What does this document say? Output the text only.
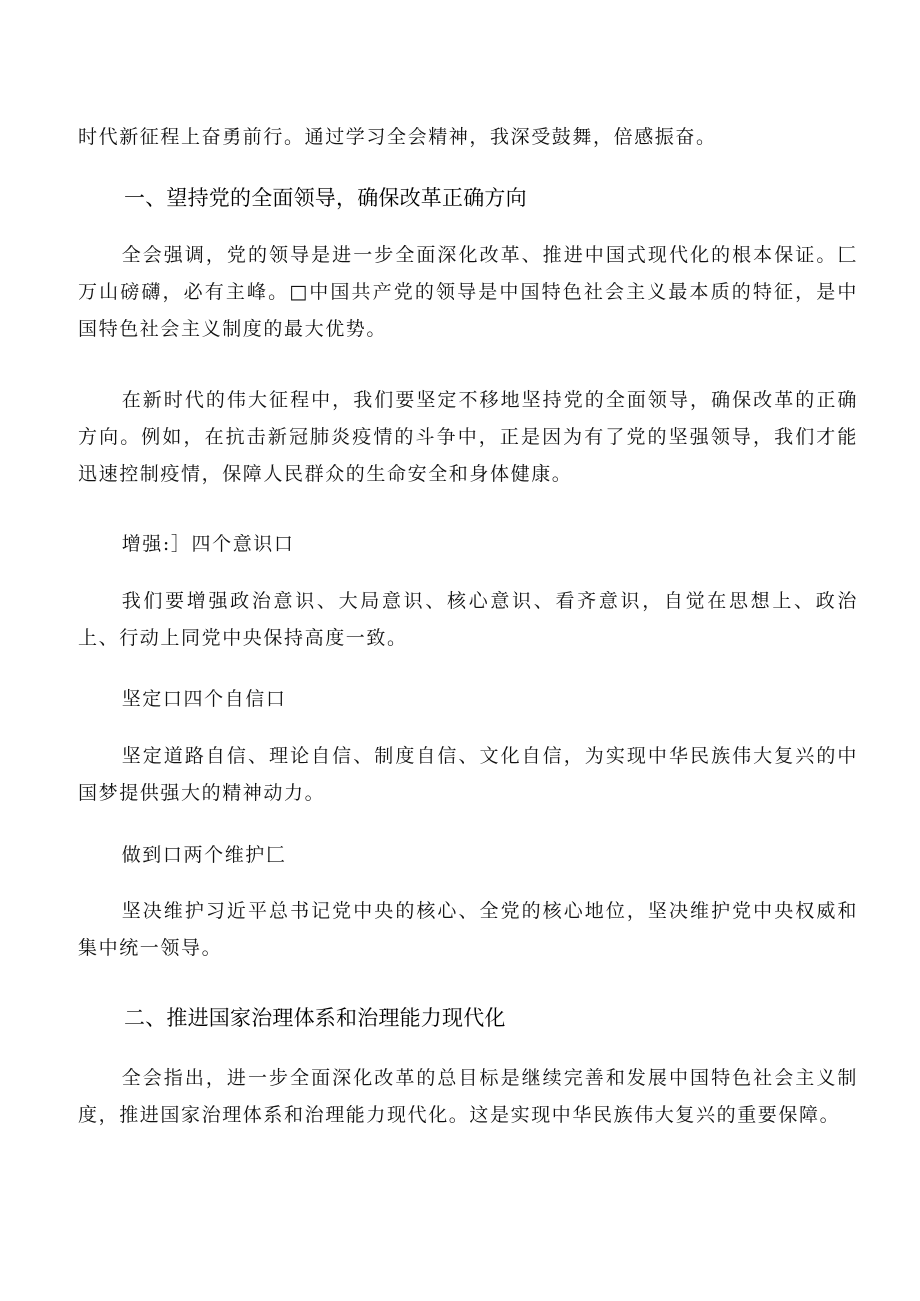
时代新征程上奋勇前行。通过学习全会精神，我深受鼓舞，倍感振奋。

一、望持党的全面领导，确保改革正确方向

全会强调，党的领导是进一步全面深化改革、推进中国式现代化的根本保证。匚万山磅礴，必有主峰。□中国共产党的领导是中国特色社会主义最本质的特征，是中国特色社会主义制度的最大优势。

在新时代的伟大征程中，我们要坚定不移地坚持党的全面领导，确保改革的正确方向。例如，在抗击新冠肺炎疫情的斗争中，正是因为有了党的坚强领导，我们才能迅速控制疫情，保障人民群众的生命安全和身体健康。

增强:］四个意识口

我们要增强政治意识、大局意识、核心意识、看齐意识，自觉在思想上、政治上、行动上同党中央保持高度一致。

坚定口四个自信口

坚定道路自信、理论自信、制度自信、文化自信，为实现中华民族伟大复兴的中国梦提供强大的精神动力。

做到口两个维护匚

坚决维护习近平总书记党中央的核心、全党的核心地位，坚决维护党中央权威和集中统一领导。

二、推进国家治理体系和治理能力现代化

全会指出，进一步全面深化改革的总目标是继续完善和发展中国特色社会主义制度，推进国家治理体系和治理能力现代化。这是实现中华民族伟大复兴的重要保障。
